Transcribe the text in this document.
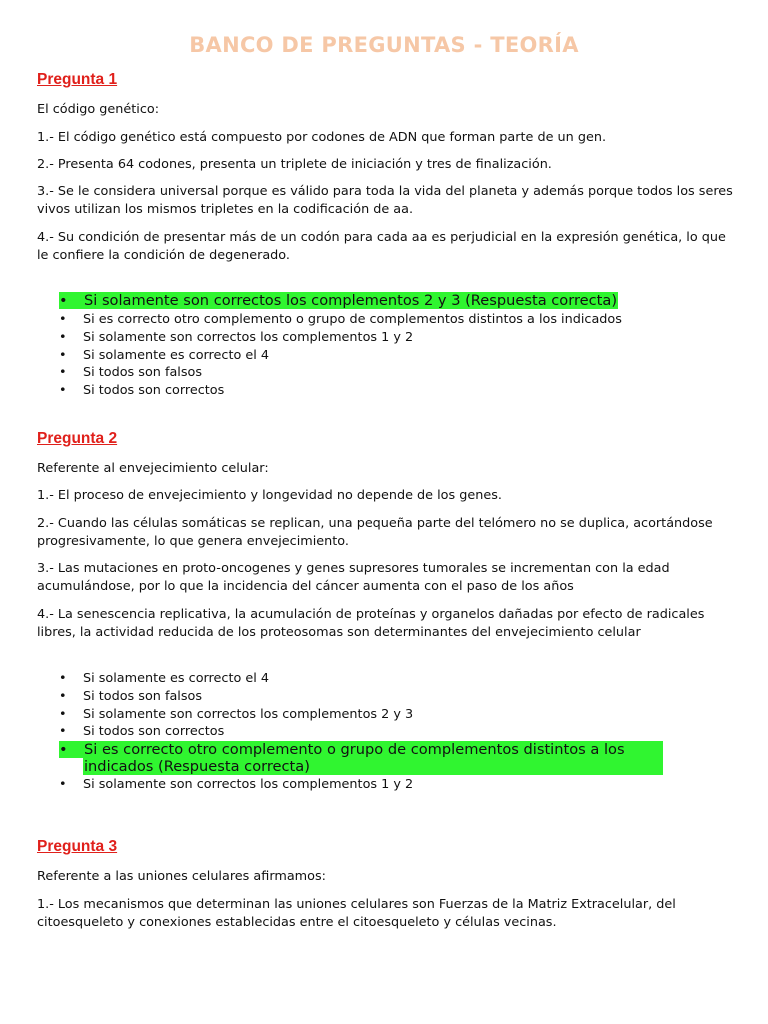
BANCO DE PREGUNTAS - TEORÍA
Pregunta 1
El código genético:
1.- El código genético está compuesto por codones de ADN que forman parte de un gen.
2.- Presenta 64 codones, presenta un triplete de iniciación y tres de finalización.
3.- Se le considera universal porque es válido para toda la vida del planeta y además porque todos los seres vivos utilizan los mismos tripletes en la codificación de aa.
4.- Su condición de presentar más de un codón para cada aa es perjudicial en la expresión genética, lo que le confiere la condición de degenerado.
•	Si solamente son correctos los complementos 2 y 3 (Respuesta correcta)
• Si es correcto otro complemento o grupo de complementos distintos a los indicados
• Si solamente son correctos los complementos 1 y 2
• Si solamente es correcto el 4
• Si todos son falsos
• Si todos son correctos
Pregunta 2
Referente al envejecimiento celular:
1.- El proceso de envejecimiento y longevidad no depende de los genes.
2.- Cuando las células somáticas se replican, una pequeña parte del telómero no se duplica, acortándose progresivamente, lo que genera envejecimiento.
3.- Las mutaciones en proto-oncogenes y genes supresores tumorales se incrementan con la edad acumulándose, por lo que la incidencia del cáncer aumenta con el paso de los años
4.- La senescencia replicativa, la acumulación de proteínas y organelos dañadas por efecto de radicales libres, la actividad reducida de los proteosomas son determinantes del envejecimiento celular
• Si solamente es correcto el 4
• Si todos son falsos
• Si solamente son correctos los complementos 2 y 3
• Si todos son correctos
•	Si es correcto otro complemento o grupo de complementos distintos a los indicados (Respuesta correcta)
• Si solamente son correctos los complementos 1 y 2
Pregunta 3
Referente a las uniones celulares afirmamos:
1.- Los mecanismos que determinan las uniones celulares son Fuerzas de la Matriz Extracelular, del citoesqueleto y conexiones establecidas entre el citoesqueleto y células vecinas.
